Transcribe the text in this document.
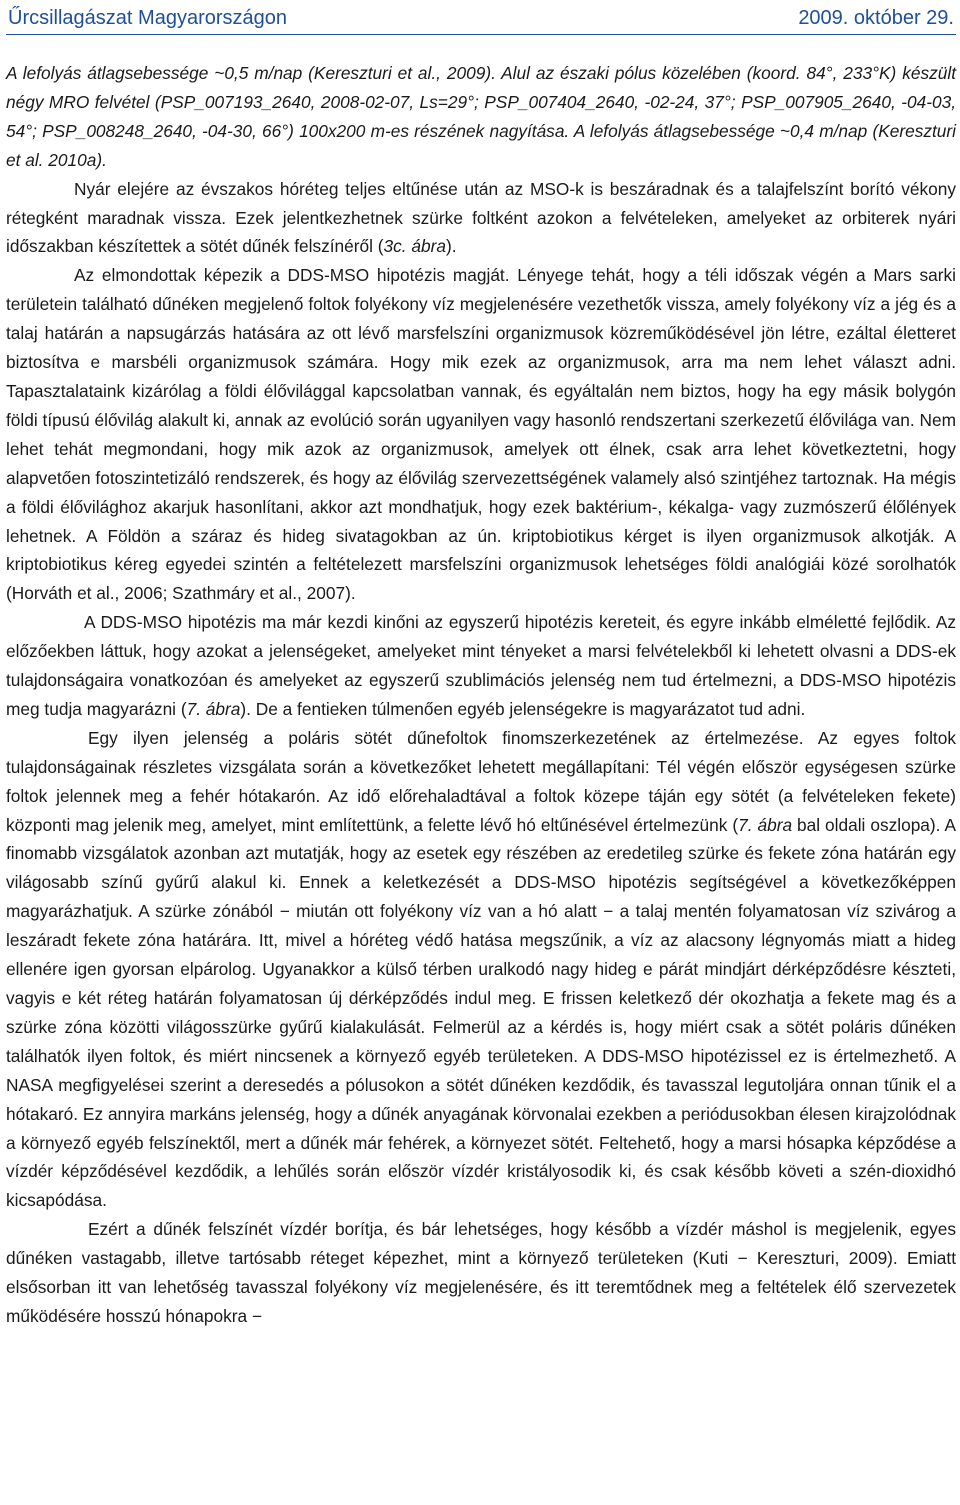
Űrcsillagászat Magyarországon	2009. október 29.

A lefolyás átlagsebessége ~0,5 m/nap (Kereszturi et al., 2009). Alul az északi pólus közelében (koord. 84°, 233°K) készült négy MRO felvétel (PSP_007193_2640, 2008-02-07, Ls=29°; PSP_007404_2640, -02-24, 37°; PSP_007905_2640, -04-03, 54°; PSP_008248_2640, -04-30, 66°) 100x200 m-es részének nagyítása. A lefolyás átlagsebessége ~0,4 m/nap (Kereszturi et al. 2010a).

Nyár elejére az évszakos hóréteg teljes eltűnése után az MSO-k is beszáradnak és a talajfelszínt borító vékony rétegként maradnak vissza. Ezek jelentkezhetnek szürke foltként azokon a felvételeken, amelyeket az orbiterek nyári időszakban készítettek a sötét dűnék felszínéről (3c. ábra).

Az elmondottak képezik a DDS-MSO hipotézis magját. Lényege tehát, hogy a téli időszak végén a Mars sarki területein található dűnéken megjelenő foltok folyékony víz megjelenésére vezethetők vissza, amely folyékony víz a jég és a talaj határán a napsugárzás hatására az ott lévő marsfelszíni organizmusok közreműködésével jön létre, ezáltal életteret biztosítva e marsbéli organizmusok számára. Hogy mik ezek az organizmusok, arra ma nem lehet választ adni. Tapasztalataink kizárólag a földi élővilággal kapcsolatban vannak, és egyáltalán nem biztos, hogy ha egy másik bolygón földi típusú élővilág alakult ki, annak az evolúció során ugyanilyen vagy hasonló rendszertani szerkezetű élővilága van. Nem lehet tehát megmondani, hogy mik azok az organizmusok, amelyek ott élnek, csak arra lehet következtetni, hogy alapvetően fotoszintetizáló rendszerek, és hogy az élővilág szervezettségének valamely alsó szintjéhez tartoznak. Ha mégis a földi élővilághoz akarjuk hasonlítani, akkor azt mondhatjuk, hogy ezek baktérium-, kékalga- vagy zuzmószerű élőlények lehetnek. A Földön a száraz és hideg sivatagokban az ún. kriptobiotikus kérget is ilyen organizmusok alkotják. A kriptobiotikus kéreg egyedei szintén a feltételezett marsfelszíni organizmusok lehetséges földi analógiái közé sorolhatók (Horváth et al., 2006; Szathmáry et al., 2007).

A DDS-MSO hipotézis ma már kezdi kinőni az egyszerű hipotézis kereteit, és egyre inkább elméletté fejlődik. Az előzőekben láttuk, hogy azokat a jelenségeket, amelyeket mint tényeket a marsi felvételekből ki lehetett olvasni a DDS-ek tulajdonságaira vonatkozóan és amelyeket az egyszerű szublimációs jelenség nem tud értelmezni, a DDS-MSO hipotézis meg tudja magyarázni (7. ábra). De a fentieken túlmenően egyéb jelenségekre is magyarázatot tud adni.

Egy ilyen jelenség a poláris sötét dűnefoltok finomszerkezetének az értelmezése. Az egyes foltok tulajdonságainak részletes vizsgálata során a következőket lehetett megállapítani: Tél végén először egységesen szürke foltok jelennek meg a fehér hótakarón. Az idő előrehaladtával a foltok közepe táján egy sötét (a felvételeken fekete) központi mag jelenik meg, amelyet, mint említettünk, a felette lévő hó eltűnésével értelmezünk (7. ábra bal oldali oszlopa). A finomabb vizsgálatok azonban azt mutatják, hogy az esetek egy részében az eredetileg szürke és fekete zóna határán egy világosabb színű gyűrű alakul ki. Ennek a keletkezését a DDS-MSO hipotézis segítségével a következőképpen magyarázhatjuk. A szürke zónából − miután ott folyékony víz van a hó alatt − a talaj mentén folyamatosan víz szivárog a leszáradt fekete zóna határára. Itt, mivel a hóréteg védő hatása megszűnik, a víz az alacsony légnyomás miatt a hideg ellenére igen gyorsan elpárolog. Ugyanakkor a külső térben uralkodó nagy hideg e párát mindjárt dérképződésre készteti, vagyis e két réteg határán folyamatosan új dérképződés indul meg. E frissen keletkező dér okozhatja a fekete mag és a szürke zóna közötti világosszürke gyűrű kialakulását. Felmerül az a kérdés is, hogy miért csak a sötét poláris dűnéken találhatók ilyen foltok, és miért nincsenek a környező egyéb területeken. A DDS-MSO hipotézissel ez is értelmezhető. A NASA megfigyelései szerint a deresedés a pólusokon a sötét dűnéken kezdődik, és tavasszal legutoljára onnan tűnik el a hótakaró. Ez annyira markáns jelenség, hogy a dűnék anyagának körvonalai ezekben a periódusokban élesen kirajzolódnak a környező egyéb felszínektől, mert a dűnék már fehérek, a környezet sötét. Feltehető, hogy a marsi hósapka képződése a vízdér képződésével kezdődik, a lehűlés során először vízdér kristályosodik ki, és csak később követi a szén-dioxidhó kicsapódása.

Ezért a dűnék felszínét vízdér borítja, és bár lehetséges, hogy később a vízdér máshol is megjelenik, egyes dűnéken vastagabb, illetve tartósabb réteget képezhet, mint a környező területeken (Kuti − Kereszturi, 2009). Emiatt elsősorban itt van lehetőség tavasszal folyékony víz megjelenésére, és itt teremtődnek meg a feltételek élő szervezetek működésére hosszú hónapokra −
